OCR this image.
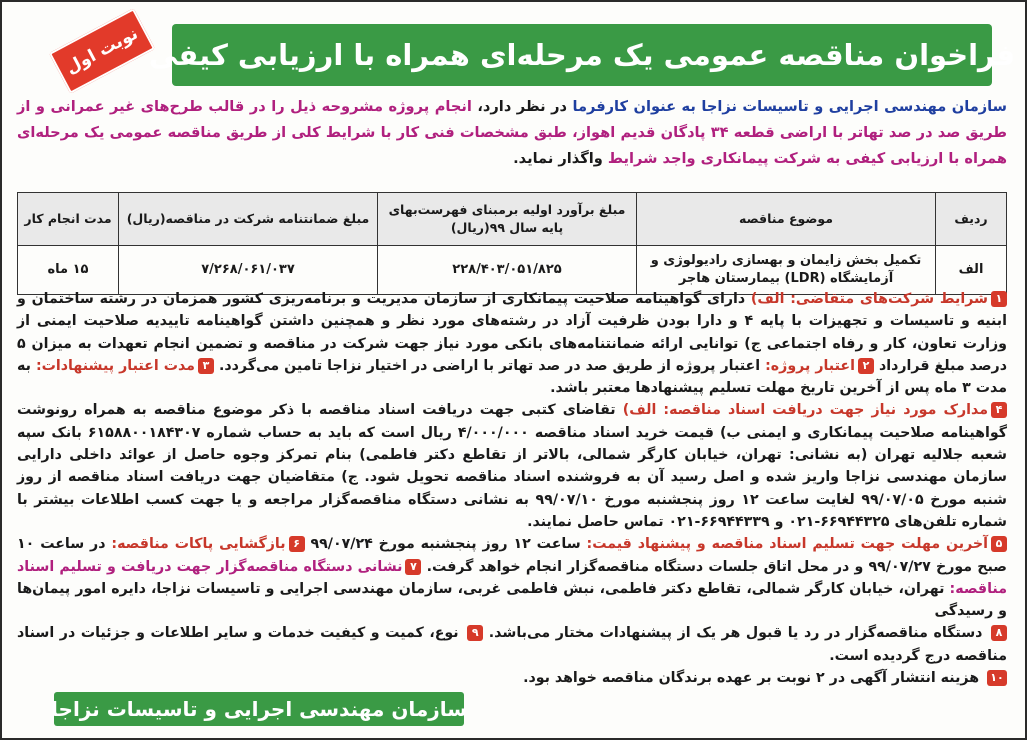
نوبت اول فراخوان مناقصه عمومی یک مرحله‌ای همراه با ارزیابی کیفی
سازمان مهندسی اجرایی و تاسیسات نزاجا به عنوان کارفرما در نظر دارد، انجام پروژه مشروحه ذیل را در قالب طرح‌های غیر عمرانی و از طریق صد در صد تهاتر با اراضی قطعه ۳۴ پادگان قدیم اهواز، طبق مشخصات فنی کار با شرایط کلی از طریق مناقصه عمومی یک مرحله‌ای همراه با ارزیابی کیفی به شرکت پیمانکاری واجد شرایط واگذار نماید.
ردیف	موضوع مناقصه	مبلغ برآورد اولیه برمبنای فهرست‌بهای پایه سال ۹۹(ریال)	مبلغ ضمانتنامه شرکت در مناقصه(ریال)	مدت انجام کار
الف	تکمیل بخش زایمان و بهسازی رادیولوژی و آزمایشگاه (LDR) بیمارستان هاجر	۲۲۸/۴۰۳/۰۵۱/۸۲۵	۷/۲۶۸/۰۶۱/۰۳۷	۱۵ ماه
۱شرایط شرکت‌های متقاضی: الف) دارای گواهینامه صلاحیت پیمانکاری از سازمان مدیریت و برنامه‌ریزی کشور همزمان در رشته ساختمان و ابنیه و تاسیسات و تجهیزات با پایه ۴ و دارا بودن ظرفیت آزاد در رشته‌های مورد نظر و همچنین داشتن گواهینامه تاییدیه صلاحیت ایمنی از وزارت تعاون، کار و رفاه اجتماعی ج) توانایی ارائه ضمانتنامه‌های بانکی مورد نیاز جهت شرکت در مناقصه و تضمین انجام تعهدات به میزان ۵ درصد مبلغ قرارداد ۲اعتبار پروژه: اعتبار پروژه از طریق صد در صد تهاتر با اراضی در اختیار نزاجا تامین می‌گردد. ۳مدت اعتبار پیشنهادات: به مدت ۳ ماه پس از آخرین تاریخ مهلت تسلیم پیشنهادها معتبر باشد.
۴مدارک مورد نیاز جهت دریافت اسناد مناقصه: الف) تقاضای کتبی جهت دریافت اسناد مناقصه با ذکر موضوع مناقصه به همراه رونوشت گواهینامه صلاحیت پیمانکاری و ایمنی ب) قیمت خرید اسناد مناقصه ۴/۰۰۰/۰۰۰ ریال است که باید به حساب شماره ۶۱۵۸۸۰۰۱۸۴۳۰۷ بانک سپه شعبه جلالیه تهران (به نشانی: تهران، خیابان کارگر شمالی، بالاتر از تقاطع دکتر فاطمی) بنام تمرکز وجوه حاصل از عوائد داخلی دارایی سازمان مهندسی نزاجا واریز شده و اصل رسید آن به فروشنده اسناد مناقصه تحویل شود. ج) متقاضیان جهت دریافت اسناد مناقصه از روز شنبه مورخ ۹۹/۰۷/۰۵ لغایت ساعت ۱۲ روز پنجشنبه مورخ ۹۹/۰۷/۱۰ به نشانی دستگاه مناقصه‌گزار مراجعه و یا جهت کسب اطلاعات بیشتر با شماره تلفن‌های ۶۶۹۴۴۳۲۵-۰۲۱ و ۶۶۹۴۴۳۳۹-۰۲۱ تماس حاصل نمایند.
۵آخرین مهلت جهت تسلیم اسناد مناقصه و پیشنهاد قیمت: ساعت ۱۲ روز پنجشنبه مورخ ۹۹/۰۷/۲۴ ۶بازگشایی پاکات مناقصه: در ساعت ۱۰ صبح مورخ ۹۹/۰۷/۲۷ و در محل اتاق جلسات دستگاه مناقصه‌گزار انجام خواهد گرفت. ۷نشانی دستگاه مناقصه‌گزار جهت دریافت و تسلیم اسناد مناقصه: تهران، خیابان کارگر شمالی، تقاطع دکتر فاطمی، نبش فاطمی غربی، سازمان مهندسی اجرایی و تاسیسات نزاجا، دایره امور پیمان‌ها و رسیدگی
۸ دستگاه مناقصه‌گزار در رد یا قبول هر یک از پیشنهادات مختار می‌باشد. ۹ نوع، کمیت و کیفیت خدمات و سایر اطلاعات و جزئیات در اسناد مناقصه درج گردیده است.
۱۰ هزینه انتشار آگهی در ۲ نوبت بر عهده برندگان مناقصه خواهد بود.
سازمان مهندسی اجرایی و تاسیسات نزاجا
